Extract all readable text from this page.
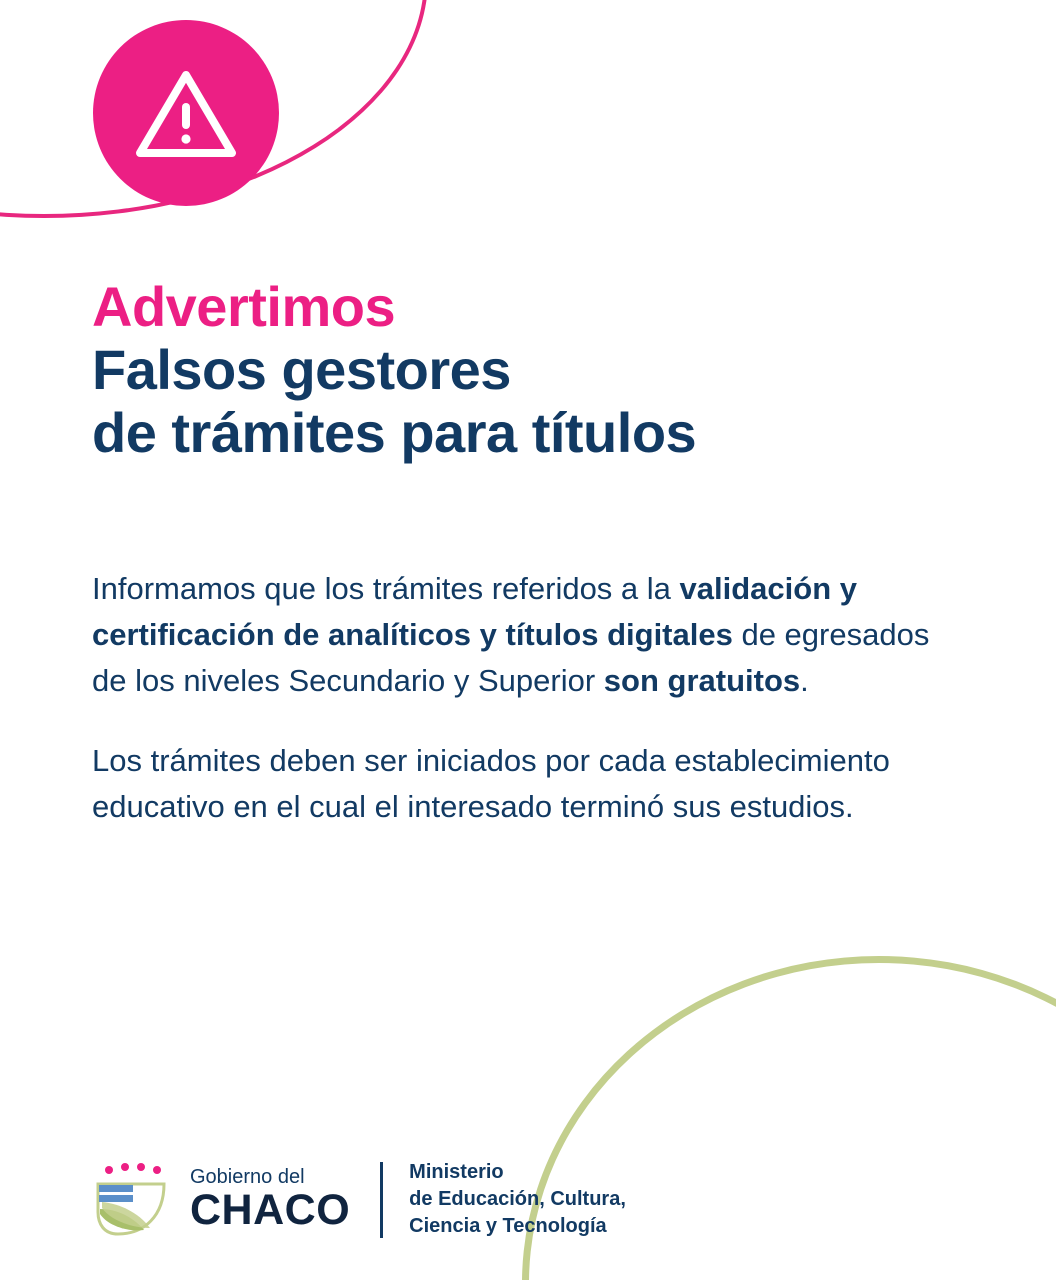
Advertimos
Falsos gestores
de trámites para títulos

Informamos que los trámites referidos a la validación y certificación de analíticos y títulos digitales de egresados de los niveles Secundario y Superior son gratuitos.

Los trámites deben ser iniciados por cada establecimiento educativo en el cual el interesado terminó sus estudios.

Gobierno del
CHACO
Ministerio
de Educación, Cultura,
Ciencia y Tecnología
